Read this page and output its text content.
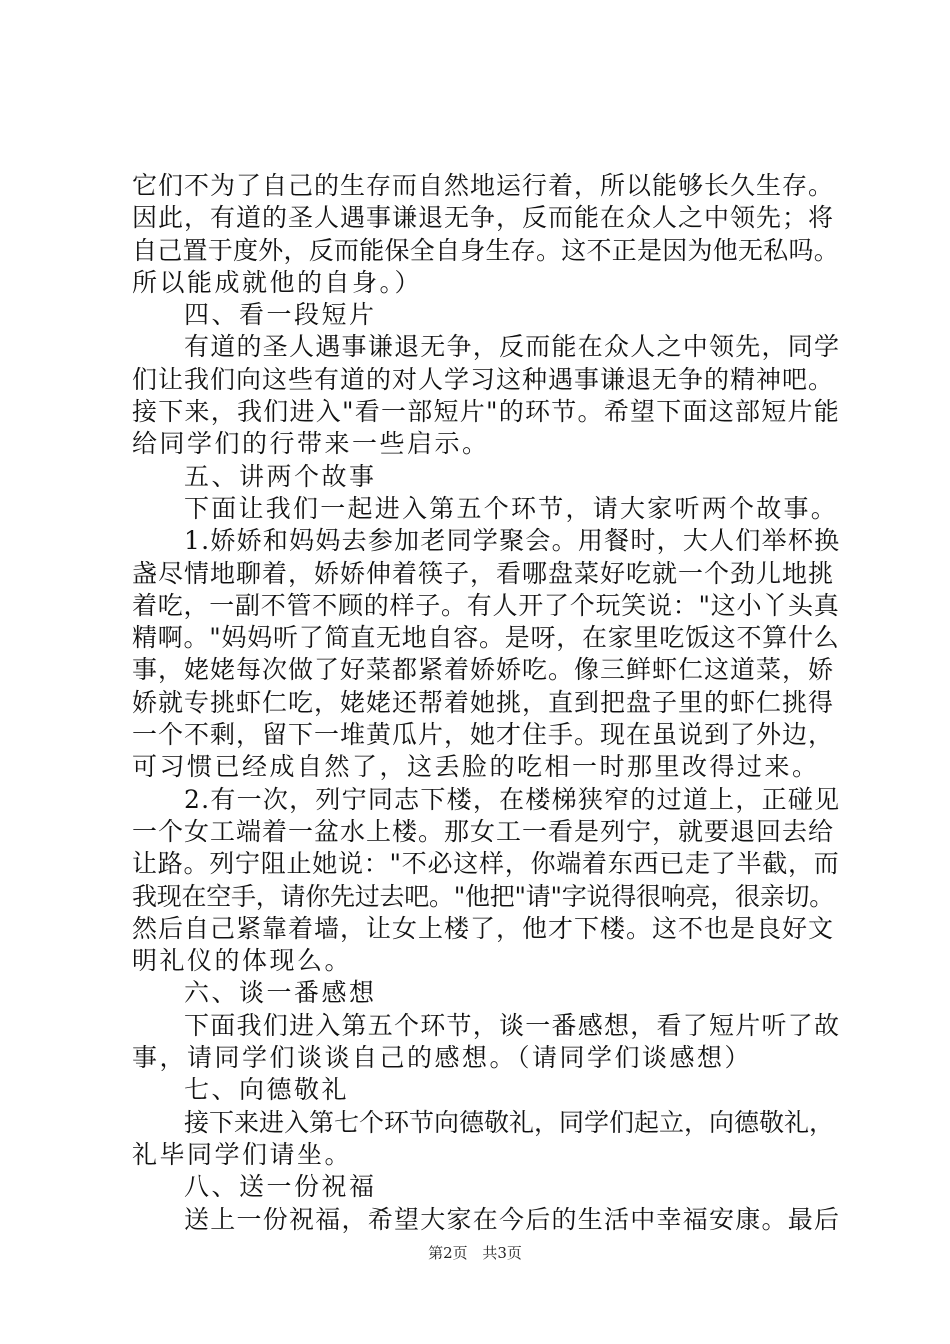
它们不为了自己的生存而自然地运行着，所以能够长久生存。
因此，有道的圣人遇事谦退无争，反而能在众人之中领先；将
自己置于度外，反而能保全自身生存。这不正是因为他无私吗。
所以能成就他的自身。）
四、看一段短片
有道的圣人遇事谦退无争，反而能在众人之中领先，同学
们让我们向这些有道的对人学习这种遇事谦退无争的精神吧。
接下来，我们进入"看一部短片"的环节。希望下面这部短片能
给同学们的行带来一些启示。
五、讲两个故事
下面让我们一起进入第五个环节，请大家听两个故事。
1.娇娇和妈妈去参加老同学聚会。用餐时，大人们举杯换
盏尽情地聊着，娇娇伸着筷子，看哪盘菜好吃就一个劲儿地挑
着吃，一副不管不顾的样子。有人开了个玩笑说："这小丫头真
精啊。"妈妈听了简直无地自容。是呀，在家里吃饭这不算什么
事，姥姥每次做了好菜都紧着娇娇吃。像三鲜虾仁这道菜，娇
娇就专挑虾仁吃，姥姥还帮着她挑，直到把盘子里的虾仁挑得
一个不剩，留下一堆黄瓜片，她才住手。现在虽说到了外边，
可习惯已经成自然了，这丢脸的吃相一时那里改得过来。
2.有一次，列宁同志下楼，在楼梯狭窄的过道上，正碰见
一个女工端着一盆水上楼。那女工一看是列宁，就要退回去给
让路。列宁阻止她说："不必这样，你端着东西已走了半截，而
我现在空手，请你先过去吧。"他把"请"字说得很响亮，很亲切。
然后自己紧靠着墙，让女上楼了，他才下楼。这不也是良好文
明礼仪的体现么。
六、谈一番感想
下面我们进入第五个环节，谈一番感想，看了短片听了故
事，请同学们谈谈自己的感想。（请同学们谈感想）
七、向德敬礼
接下来进入第七个环节向德敬礼，同学们起立，向德敬礼，
礼毕同学们请坐。
八、送一份祝福
送上一份祝福，希望大家在今后的生活中幸福安康。最后
第2页 共3页
